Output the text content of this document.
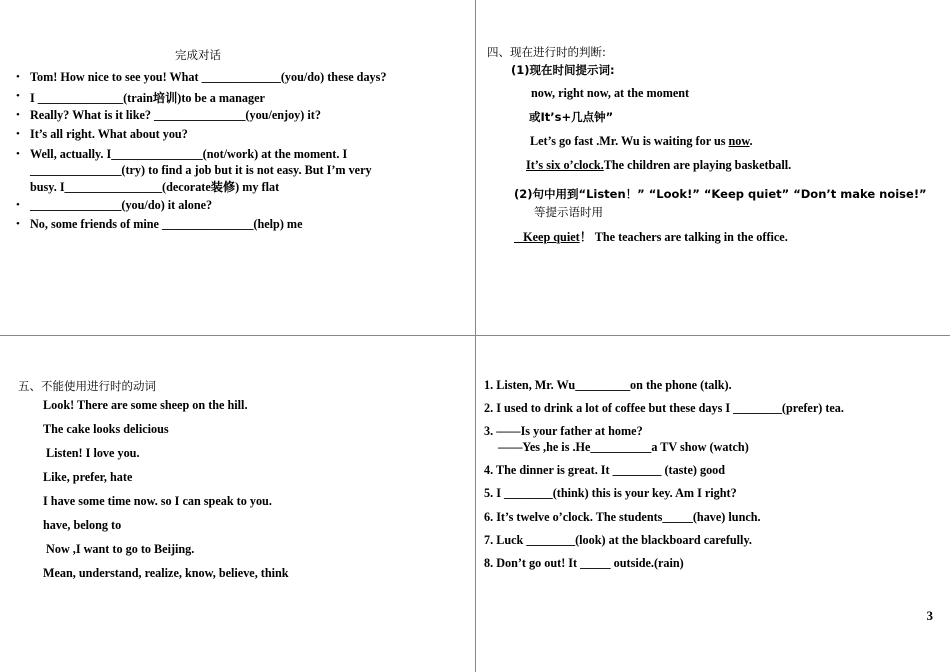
完成对话
• Tom! How nice to see you! What _____________(you/do) these days?
• I ______________(train培训)to be a manager
• Really? What is it like? _______________(you/enjoy) it?
• It’s all right. What about you?
• Well, actually. I_______________(not/work) at the moment. I
_______________(try) to find a job but it is not easy. But I’m very
busy. I________________(decorate装修) my flat
• _______________(you/do) it alone?
• No, some friends of mine _______________(help) me
四、现在进行时的判断:
(1)现在时间提示词:
now, right now, at the moment
或It’s+几点钟”
Let’s go fast .Mr. Wu is waiting for us now.
It’s six o’clock.The children are playing basketball.
(2)句中用到“Listen！” “Look!” “Keep quiet” “Don’t make noise!”
等提示语时用
Keep quiet！ The teachers are talking in the office.
五、不能使用进行时的动词
Look! There are some sheep on the hill.
The cake looks delicious
Listen! I love you.
Like, prefer, hate
I have some time now. so I can speak to you.
have, belong to
Now ,I want to go to Beijing.
Mean, understand, realize, know, believe, think
1. Listen, Mr. Wu_________on the phone (talk).
2. I used to drink a lot of coffee but these days I ________(prefer) tea.
3. ——Is your father at home?
——Yes ,he is .He__________a TV show (watch)
4. The dinner is great. It ________ (taste) good
5. I ________(think) this is your key. Am I right?
6. It’s twelve o’clock. The students_____(have) lunch.
7. Luck ________(look) at the blackboard carefully.
8. Don’t go out! It _____ outside.(rain)
3
